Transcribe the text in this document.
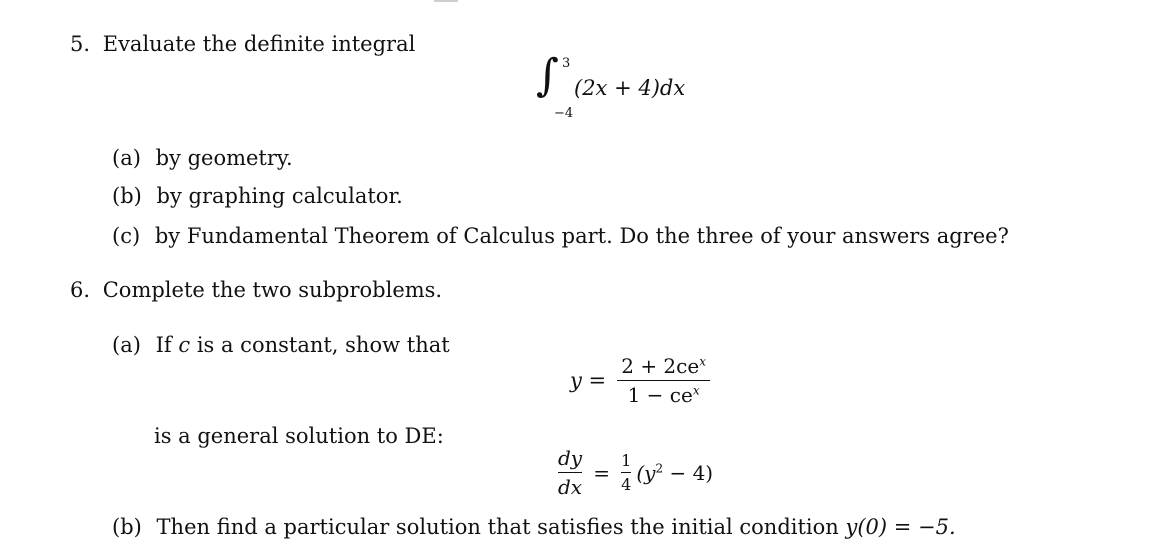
5. Evaluate the definite integral
∫ 3
−4
(2x + 4)dx
(a) by geometry.
(b) by graphing calculator.
(c) by Fundamental Theorem of Calculus part. Do the three of your answers agree?
6. Complete the two subproblems.
(a) If c is a constant, show that
$y = \frac{2 + 2ce^x}{1 - ce^x}$
is a general solution to DE:
$\frac{dy}{dx} = \frac{1}{4} (y^2 - 4)$
(b) Then find a particular solution that satisfies the initial condition y(0) = −5.
